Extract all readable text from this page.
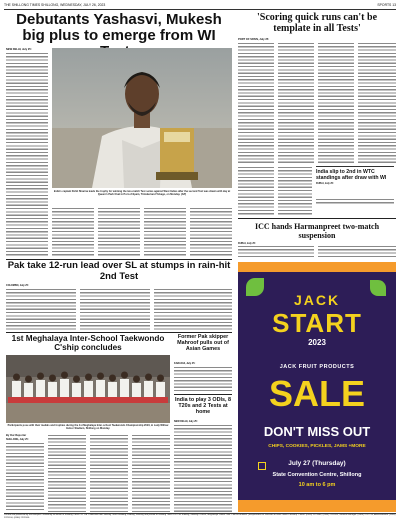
THE SHILLONG TIMES SHILLONG, WEDNESDAY, JULY 26, 2023	SPORTS 13
Debutants Yashasvi, Mukesh big plus to emerge from WI
NEW DELHI, July 25:
India's captain Rohit Sharma leads the trophy for winning the two-match Test series against West Indies after the second Test was drawn with day at Queen's Park Oval in Port-of-Spain, Trinidad and Tobago, on Monday. (AP)
'Scoring quick runs can't be template in all Tests'
PORT OF SPAIN, July 25:
India slip to 2nd in WTC standings after draw with WI
DUBAI, July 25:
ICC hands Harmanpreet two-match suspension
DUBAI, July 25:
Pak take 12-run lead over SL at stumps in rain-hit 2nd Test
COLOMBO, July 25:
1st Meghalaya Inter-School Taekwondo C'ship concludes
Participants pose with their medals and trophies during the 1st Meghalaya Inter-school Taekwondo Championship 2023, in Lady Willow Indoor Stadium, Shillong on Monday.
By Our Reporter
SHILLONG, July 25:
Former Pak skipper Mahroof pulls out of Asian Games
KARACHI, July 25:
India to play 3 ODIs, 8 T20s and 2 Tests at home
NEW DELHI, July 25:
JACK
START
2023
JACK FRUIT PRODUCTS
SALE
DON'T MISS OUT
CHIPS, COOKIES, PICKLES, JAMS +MORE
July 27 (Thursday)
State Convention Centre, Shillong
10 am to 6 pm
Printed and published by Smt Manjula Chaudhury on behalf of Shillong Times Pvt. Ltd. Published from Shillong Times Building, Rilbong, Shillong and printed at Shillong Times Pvt. Ltd. Rilbong, Shillong-793004, Meghalaya. Editor: Smt. Patricia Mukhim. (Responsible for selection of news under PRB Act). Phone: (0364) 2223488, (0364) 2229106, General Manager: (0364) 2227799, Advertisement: (0364) 2229104, (0364) 2229106.
